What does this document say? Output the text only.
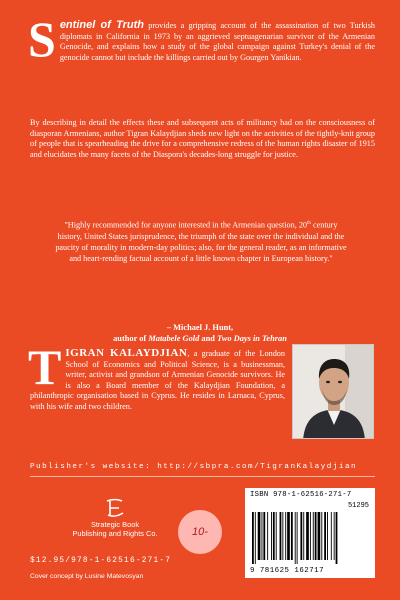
Sentinel of Truth provides a gripping account of the assassination of two Turkish diplomats in California in 1973 by an aggrieved septuagenarian survivor of the Armenian Genocide, and explains how a study of the global campaign against Turkey's denial of the genocide cannot but include the killings carried out by Gourgen Yanikian.

By describing in detail the effects these and subsequent acts of militancy had on the consciousness of diasporan Armenians, author Tigran Kalaydjian sheds new light on the activities of the tightly-knit group of people that is spearheading the drive for a comprehensive redress of the human rights disaster of 1915 and elucidates the many facets of the Diaspora's decades-long struggle for justice.

"Highly recommended for anyone interested in the Armenian question, 20th century history, United States jurisprudence, the triumph of the state over the individual and the paucity of morality in modern-day politics; also, for the general reader, as an informative and heart-rending factual account of a little known chapter in European history."

– Michael J. Hunt,
author of Matabele Gold and Two Days in Tehran
TIGRAN KALAYDJIAN, a graduate of the London School of Economics and Political Science, is a businessman, writer, activist and grandson of Armenian Genocide survivors. He is also a Board member of the Kalaydjian Foundation, a philanthropic organisation based in Cyprus. He resides in Larnaca, Cyprus, with his wife and two children.
Publisher's website: http://sbpra.com/TigranKalaydjian
Strategic Book
Publishing and Rights Co.	10-
$12.95/978-1-62516-271-7
Cover concept by Lusine Matevosyan
ISBN 978-1-62516-271-7
51295
9 781625 162717
